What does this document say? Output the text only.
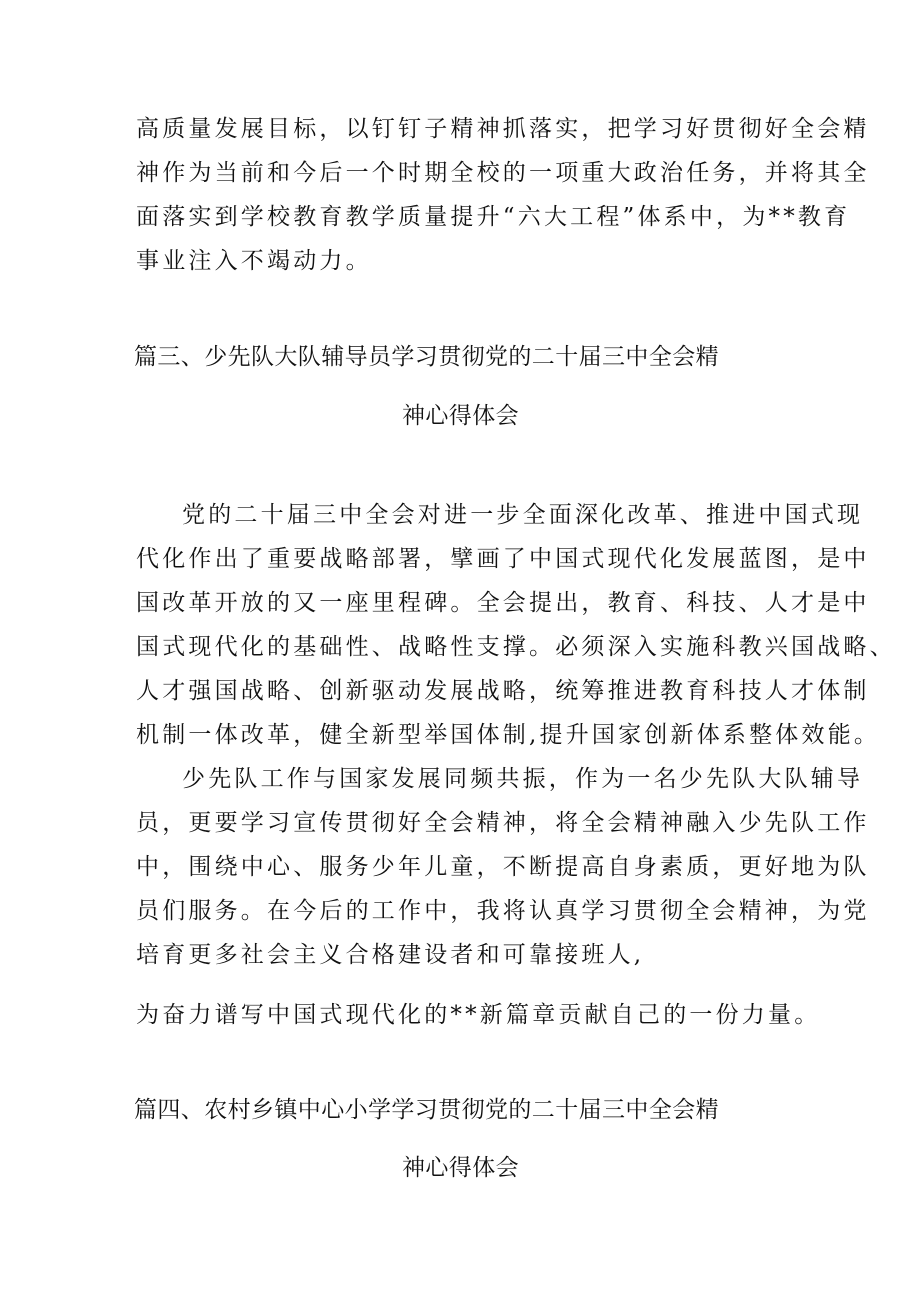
高质量发展目标，以钉钉子精神抓落实，把学习好贯彻好全会精
神作为当前和今后一个时期全校的一项重大政治任务，并将其全
面落实到学校教育教学质量提升“六大工程”体系中，为**教育
事业注入不竭动力。
篇三、少先队大队辅导员学习贯彻党的二十届三中全会精
神心得体会
党的二十届三中全会对进一步全面深化改革、推进中国式现
代化作出了重要战略部署，擘画了中国式现代化发展蓝图，是中
国改革开放的又一座里程碑。全会提出，教育、科技、人才是中
国式现代化的基础性、战略性支撑。必须深入实施科教兴国战略、
人才强国战略、创新驱动发展战略，统筹推进教育科技人才体制
机制一体改革，健全新型举国体制,提升国家创新体系整体效能。
少先队工作与国家发展同频共振，作为一名少先队大队辅导
员，更要学习宣传贯彻好全会精神，将全会精神融入少先队工作
中，围绕中心、服务少年儿童，不断提高自身素质，更好地为队
员们服务。在今后的工作中，我将认真学习贯彻全会精神，为党
培育更多社会主义合格建设者和可靠接班人,
为奋力谱写中国式现代化的**新篇章贡献自己的一份力量。
篇四、农村乡镇中心小学学习贯彻党的二十届三中全会精
神心得体会
